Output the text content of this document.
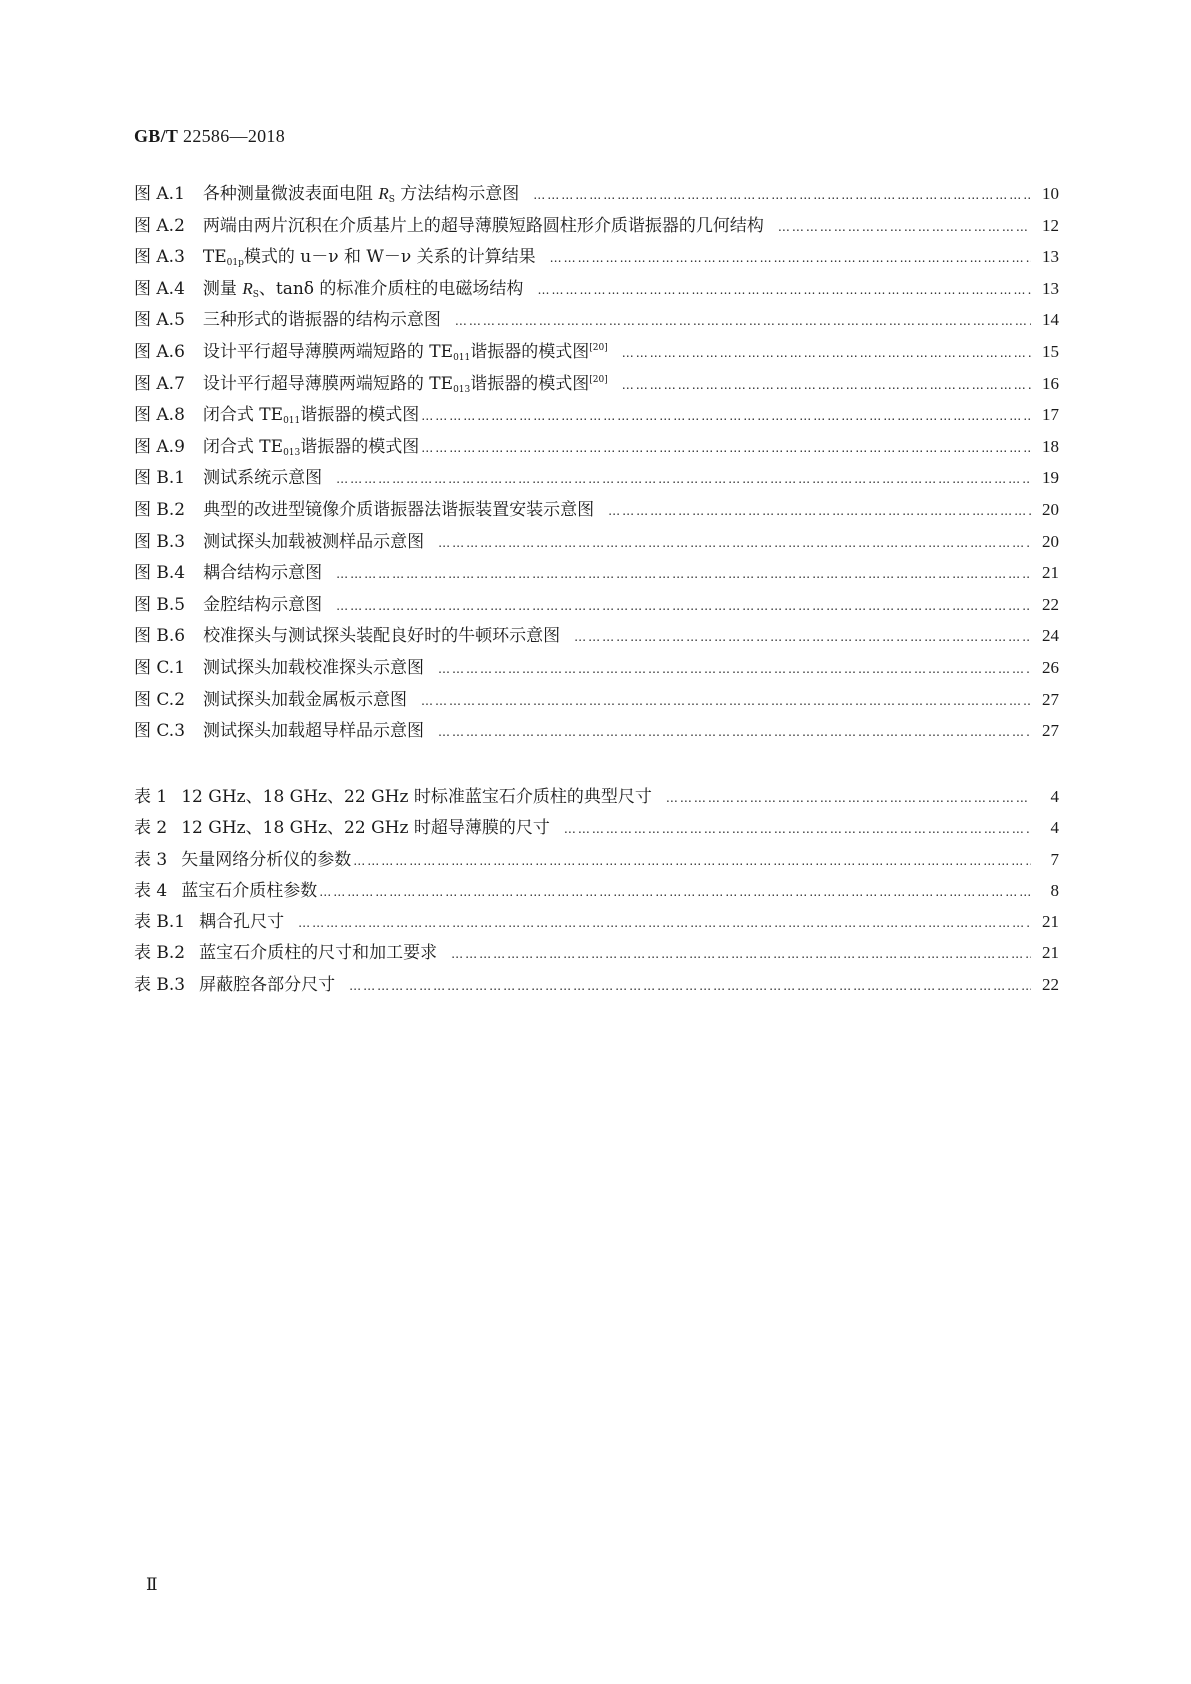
GB/T 22586—2018
图 A.1 各种测量微波表面电阻 $R_S$ 方法结构示意图 …………………………………………………………………………………………………………………………………………………………	10
图 A.2 两端由两片沉积在介质基片上的超导薄膜短路圆柱形介质谐振器的几何结构 …………………………………………………………………………………………………………………………………………………………	12
图 A.3 $TE_{01p}$模式的 u－ν 和 W－ν 关系的计算结果 …………………………………………………………………………………………………………………………………………………………	13
图 A.4 测量 $R_S$、tanδ 的标准介质柱的电磁场结构 …………………………………………………………………………………………………………………………………………………………	13
图 A.5 三种形式的谐振器的结构示意图 …………………………………………………………………………………………………………………………………………………………	14
图 A.6 设计平行超导薄膜两端短路的 $TE_{011}$谐振器的模式图[20] …………………………………………………………………………………………………………………………………………………………	15
图 A.7 设计平行超导薄膜两端短路的 $TE_{013}$谐振器的模式图[20] …………………………………………………………………………………………………………………………………………………………	16
图 A.8 闭合式 $TE_{011}$谐振器的模式图 …………………………………………………………………………………………………………………………………………………………	17
图 A.9 闭合式 $TE_{013}$谐振器的模式图 …………………………………………………………………………………………………………………………………………………………	18
图 B.1 测试系统示意图 …………………………………………………………………………………………………………………………………………………………	19
图 B.2 典型的改进型镜像介质谐振器法谐振装置安装示意图 …………………………………………………………………………………………………………………………………………………………	20
图 B.3 测试探头加载被测样品示意图 …………………………………………………………………………………………………………………………………………………………	20
图 B.4 耦合结构示意图 …………………………………………………………………………………………………………………………………………………………	21
图 B.5 金腔结构示意图 …………………………………………………………………………………………………………………………………………………………	22
图 B.6 校准探头与测试探头装配良好时的牛顿环示意图 …………………………………………………………………………………………………………………………………………………………	24
图 C.1 测试探头加载校准探头示意图 …………………………………………………………………………………………………………………………………………………………	26
图 C.2 测试探头加载金属板示意图 …………………………………………………………………………………………………………………………………………………………	27
图 C.3 测试探头加载超导样品示意图 …………………………………………………………………………………………………………………………………………………………	27
表 1 12 GHz、18 GHz、22 GHz 时标准蓝宝石介质柱的典型尺寸 …………………………………………………………………………………………………………………………………………………………	4
表 2 12 GHz、18 GHz、22 GHz 时超导薄膜的尺寸 …………………………………………………………………………………………………………………………………………………………	4
表 3 矢量网络分析仪的参数 …………………………………………………………………………………………………………………………………………………………	7
表 4 蓝宝石介质柱参数 …………………………………………………………………………………………………………………………………………………………	8
表 B.1 耦合孔尺寸 …………………………………………………………………………………………………………………………………………………………	21
表 B.2 蓝宝石介质柱的尺寸和加工要求 …………………………………………………………………………………………………………………………………………………………	21
表 B.3 屏蔽腔各部分尺寸 …………………………………………………………………………………………………………………………………………………………	22
Ⅱ
